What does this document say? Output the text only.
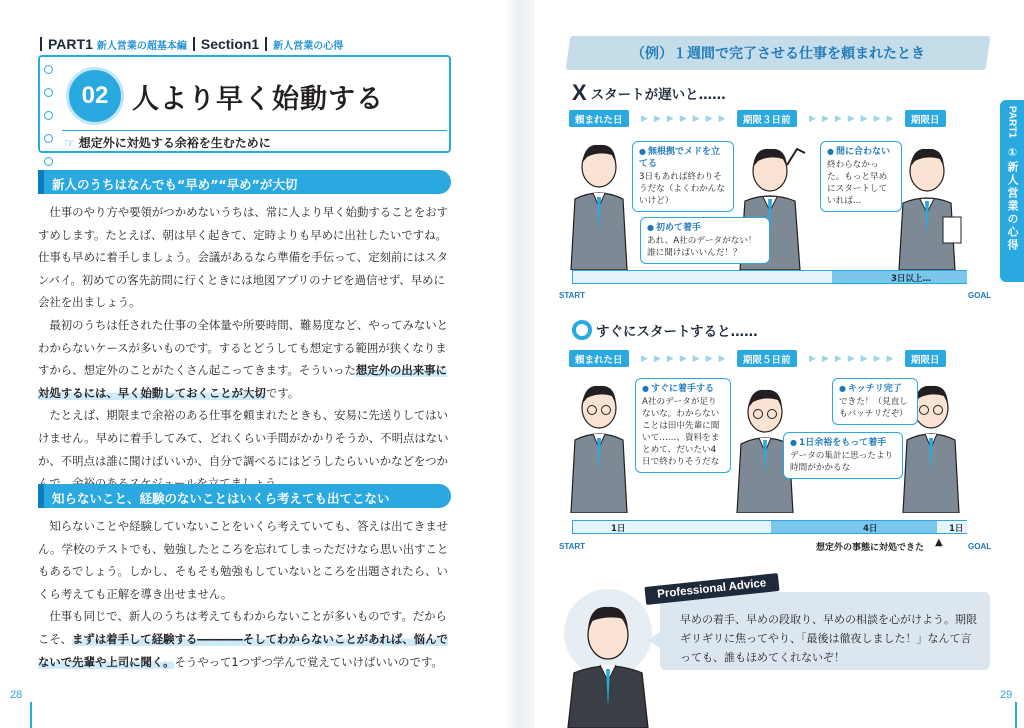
PART1 新人営業の超基本編 Section1 新人営業の心得
02 人より早く始動する
☞ 想定外に対処する余裕を生むために
新人のうちはなんでも“早め”“早め”が大切

仕事のやり方や要領がつかめないうちは、常に人より早く始動することをおすすめします。たとえば、朝は早く起きて、定時よりも早めに出社したいですね。仕事も早めに着手しましょう。会議があるなら準備を手伝って、定刻前にはスタンバイ。初めての客先訪問に行くときには地図アプリのナビを過信せず、早めに会社を出ましょう。

最初のうちは任された仕事の全体量や所要時間、難易度など、やってみないとわからないケースが多いものです。するとどうしても想定する範囲が狭くなりますから、想定外のことがたくさん起こってきます。そういった想定外の出来事に対処するには、早く始動しておくことが大切です。

たとえば、期限まで余裕のある仕事を頼まれたときも、安易に先送りしてはいけません。早めに着手してみて、どれくらい手間がかかりそうか、不明点はないか、不明点は誰に聞けばいいか、自分で調べるにはどうしたらいいかなどをつか

知らないこと、経験のないことはいくら考えても出てこない

知らないことや経験していないことをいくら考えていても、答えは出てきません。学校のテストでも、勉強したところを忘れてしまっただけなら思い出すこともあるでしょう。しかし、そもそも勉強もしていないところを出題されたら、いくら考えても正解を導き出せません。

仕事も同じで、新人のうちは考えてもわからないことが多いものです。だからこそ、まずは着手して経験する――――そしてわからないことがあれば、悩んでないで先輩や上司に聞く。そうやって1つずつ学んで覚えていけばいいのです。

28
（例）１週間で完了させる仕事を頼まれたとき
X スタートが遅いと……
頼まれた日	▶▶▶▶▶▶▶	期限３日前	▶▶▶▶▶▶▶	期限日
● 無根拠でメドを立てる
3日もあれば終わりそうだな（よくわかんないけど）
● 初めて着手
あれ、A社のデータがない！誰に聞けばいいんだ！？
● 間に合わない
終わらなかった。もっと早めにスタートしていれば…
3日以上…
START	GOAL
すぐにスタートすると……
頼まれた日	▶▶▶▶▶▶▶	期限５日前	▶▶▶▶▶▶▶	期限日
● すぐに着手する
A社のデータが足りないな。わからないことは田中先輩に聞いて……、資料をまとめて、だいたい4日で終わりそうだな
● 1日余裕をもって着手
データの集計に思ったより時間がかかるな
● キッチリ完了
できた！（見直しもバッチリだぞ）
1日	4日	1日
START	GOAL
想定外の事態に対処できた ▲
PART1
①新人営業の心得
早めの着手、早めの段取り、早めの相談を心がけよう。期限ギリギリに焦ってやり、「最後は徹夜しました！」なんて言っても、誰もほめてくれないぞ！
Professional Advice
29
